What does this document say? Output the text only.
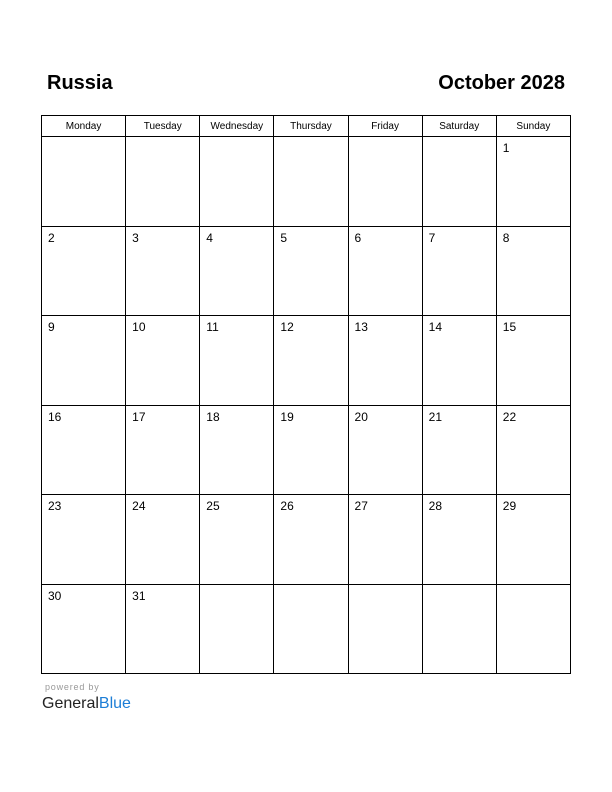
Russia	October 2028
Monday	Tuesday	Wednesday	Thursday	Friday	Saturday	Sunday

						1

2	3	4	5	6	7	8

9	10	11	12	13	14	15

16	17	18	19	20	21	22

23	24	25	26	27	28	29

30	31					

powered by
GeneralBlue
